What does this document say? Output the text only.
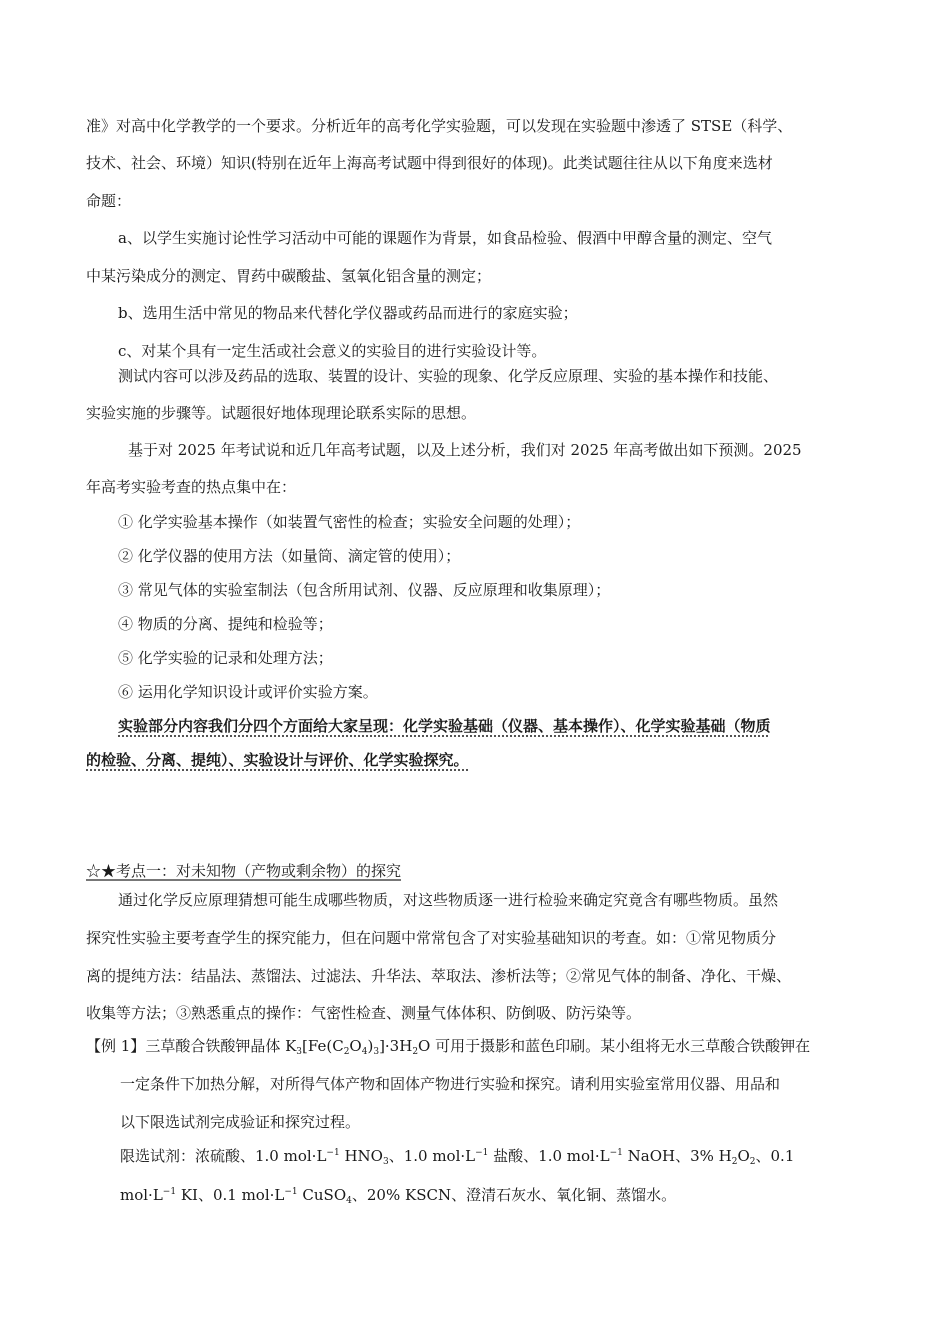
准》对高中化学教学的一个要求。分析近年的高考化学实验题，可以发现在实验题中渗透了 STSE（科学、
技术、社会、环境）知识(特别在近年上海高考试题中得到很好的体现)。此类试题往往从以下角度来选材
命题：
a、以学生实施讨论性学习活动中可能的课题作为背景，如食品检验、假酒中甲醇含量的测定、空气
中某污染成分的测定、胃药中碳酸盐、氢氧化铝含量的测定；
b、选用生活中常见的物品来代替化学仪器或药品而进行的家庭实验；
c、对某个具有一定生活或社会意义的实验目的进行实验设计等。
测试内容可以涉及药品的选取、装置的设计、实验的现象、化学反应原理、实验的基本操作和技能、
实验实施的步骤等。试题很好地体现理论联系实际的思想。
基于对 2025 年考试说和近几年高考试题，以及上述分析，我们对 2025 年高考做出如下预测。2025
年高考实验考查的热点集中在：
① 化学实验基本操作（如装置气密性的检查；实验安全问题的处理）；
② 化学仪器的使用方法（如量筒、滴定管的使用）；
③ 常见气体的实验室制法（包含所用试剂、仪器、反应原理和收集原理）；
④ 物质的分离、提纯和检验等；
⑤ 化学实验的记录和处理方法；
⑥ 运用化学知识设计或评价实验方案。
实验部分内容我们分四个方面给大家呈现：化学实验基础（仪器、基本操作）、化学实验基础（物质
的检验、分离、提纯）、实验设计与评价、化学实验探究。
☆★考点一：对未知物（产物或剩余物）的探究
通过化学反应原理猜想可能生成哪些物质，对这些物质逐一进行检验来确定究竟含有哪些物质。虽然
探究性实验主要考查学生的探究能力，但在问题中常常包含了对实验基础知识的考查。如：①常见物质分
离的提纯方法：结晶法、蒸馏法、过滤法、升华法、萃取法、渗析法等；②常见气体的制备、净化、干燥、
收集等方法；③熟悉重点的操作：气密性检查、测量气体体积、防倒吸、防污染等。
【例 1】三草酸合铁酸钾晶体 $K_3[Fe(C_2O_4)_3]\cdot 3H_2O$ 可用于摄影和蓝色印刷。某小组将无水三草酸合铁酸钾在
一定条件下加热分解，对所得气体产物和固体产物进行实验和探究。请利用实验室常用仪器、用品和
以下限选试剂完成验证和探究过程。
限选试剂：浓硫酸、1.0 $mol\cdot L^{-1}$ $HNO_3$、1.0 $mol\cdot L^{-1}$ 盐酸、1.0 $mol\cdot L^{-1}$ NaOH、3% $H_2O_2$、0.1
$mol\cdot L^{-1}$ KI、0.1 $mol\cdot L^{-1}$ CuSO$_4$、20% KSCN、澄清石灰水、氧化铜、蒸馏水。
